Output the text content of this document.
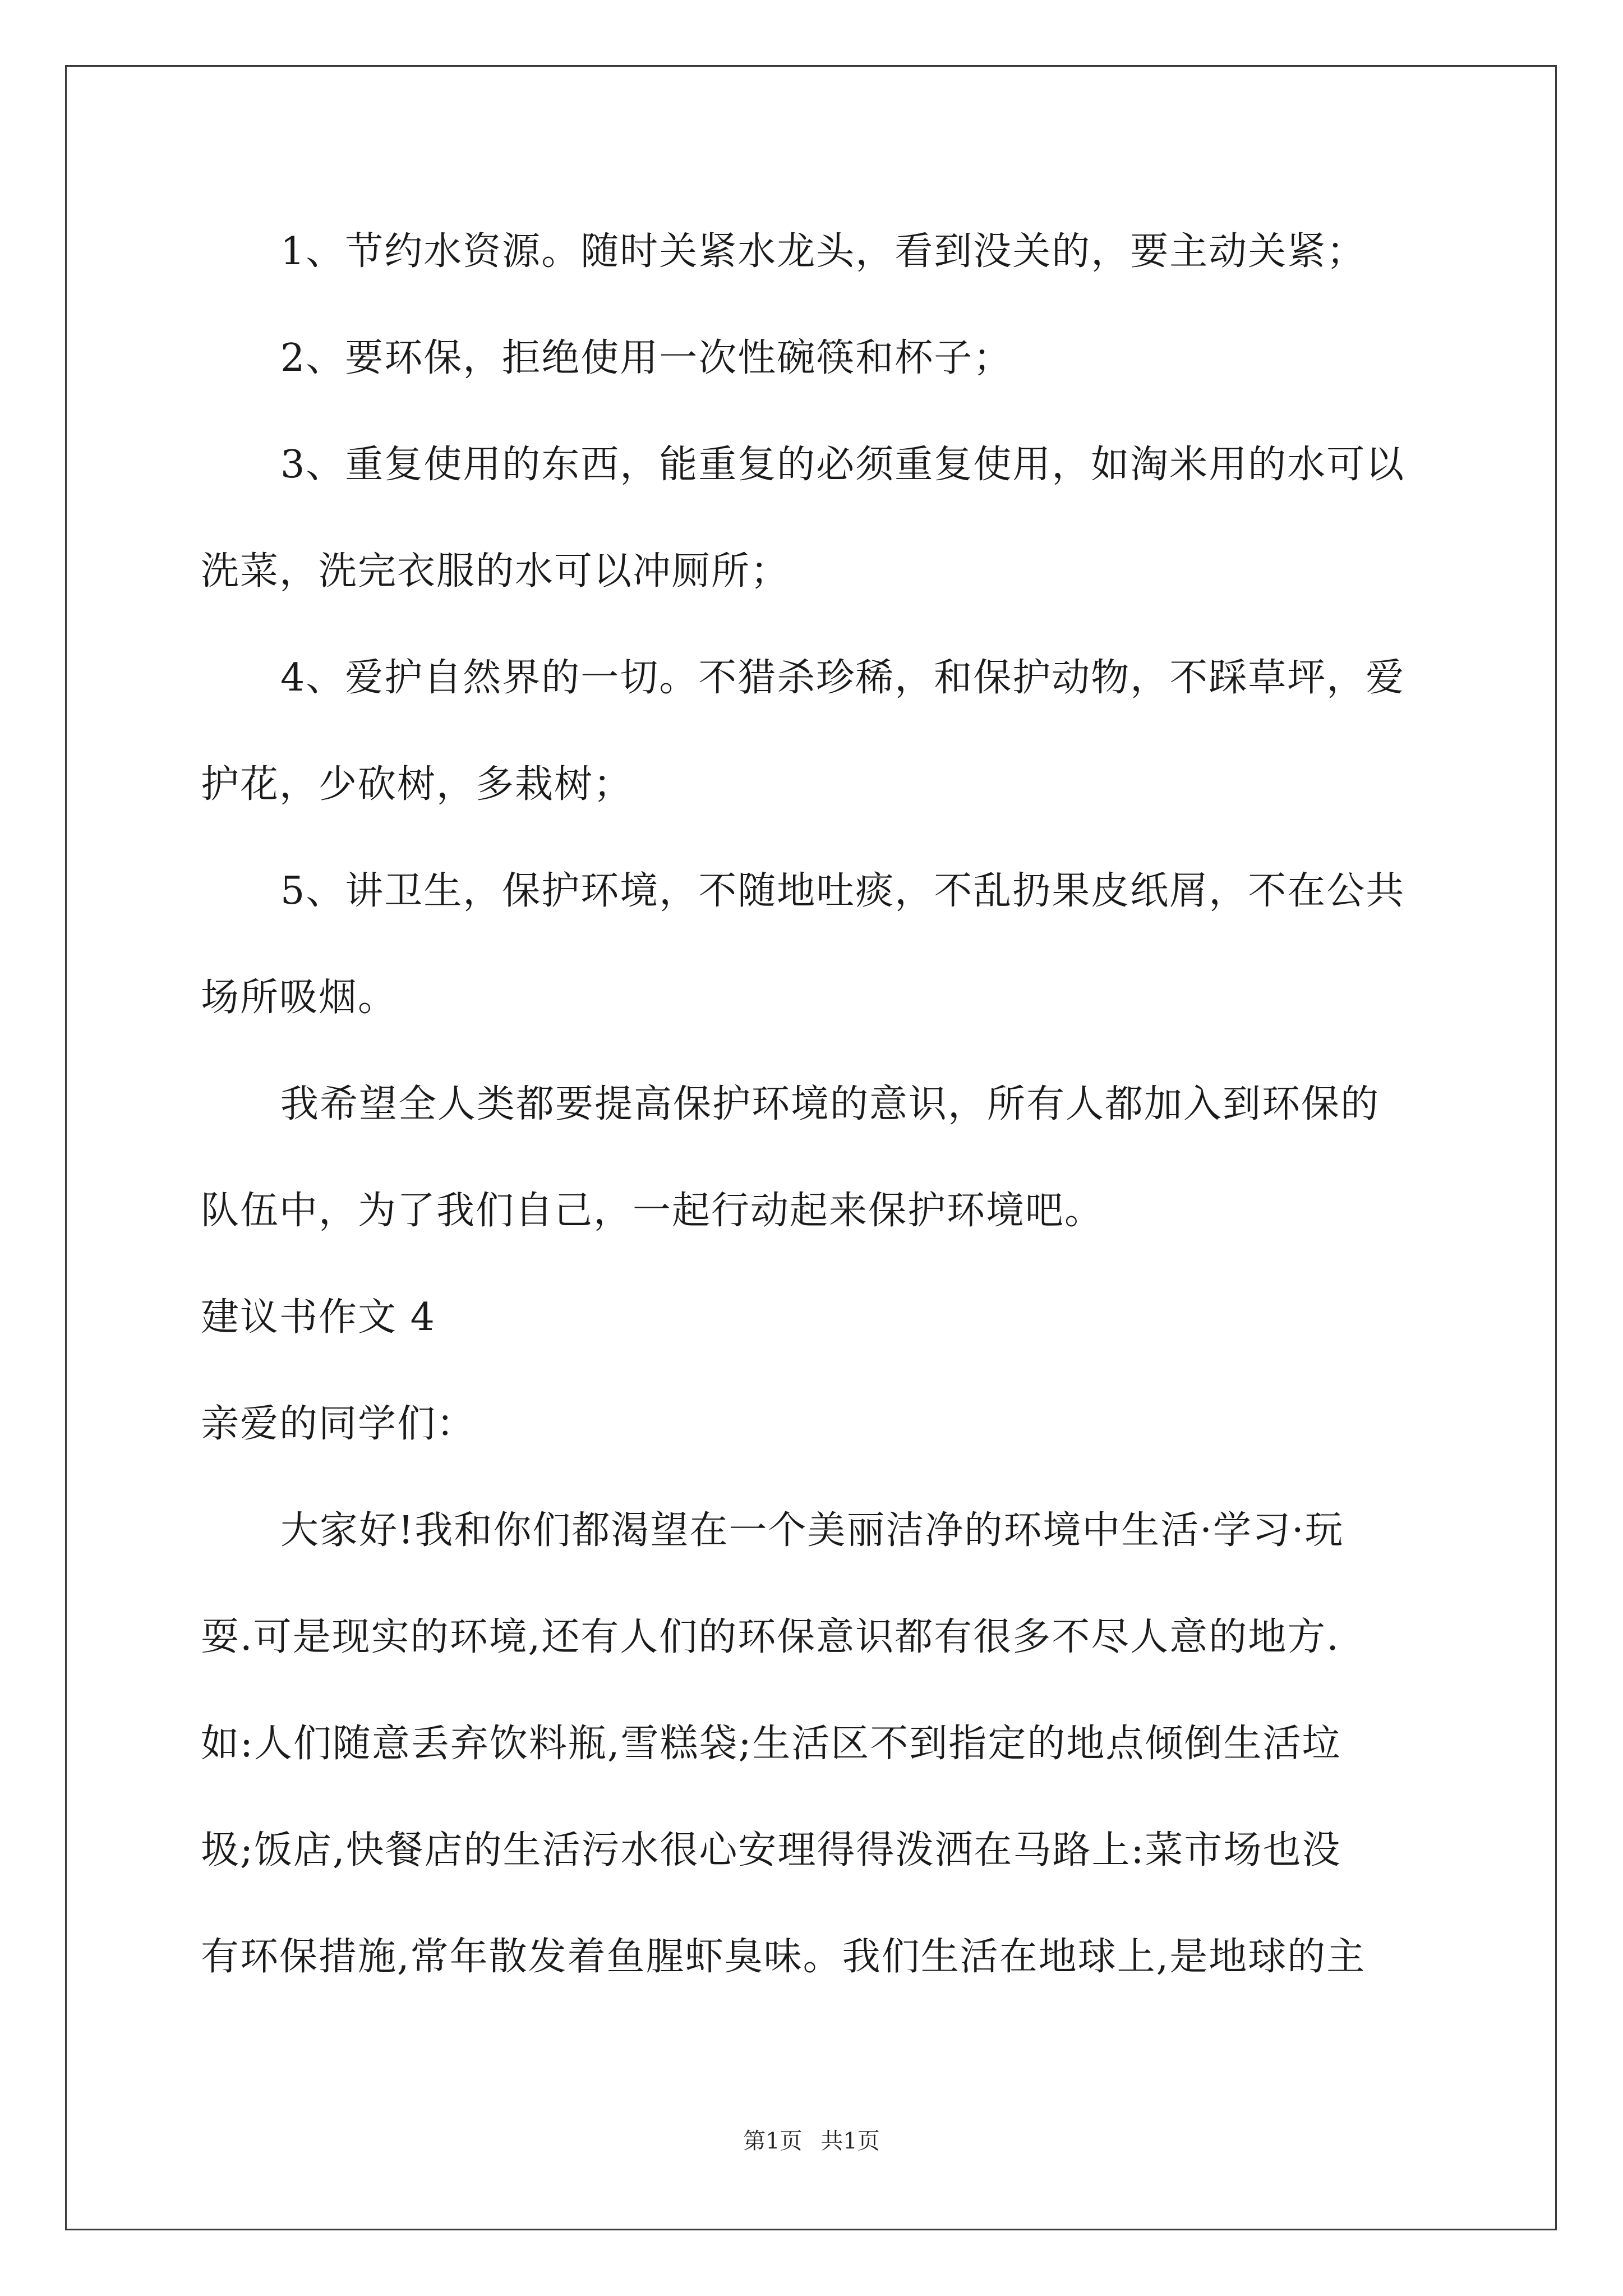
1、节约水资源。随时关紧水龙头，看到没关的，要主动关紧；
2、要环保，拒绝使用一次性碗筷和杯子；
3、重复使用的东西，能重复的必须重复使用，如淘米用的水可以
洗菜，洗完衣服的水可以冲厕所；
4、爱护自然界的一切。不猎杀珍稀，和保护动物，不踩草坪，爱
护花，少砍树，多栽树；
5、讲卫生，保护环境，不随地吐痰，不乱扔果皮纸屑，不在公共
场所吸烟。
我希望全人类都要提高保护环境的意识，所有人都加入到环保的
队伍中，为了我们自己，一起行动起来保护环境吧。
建议书作文 4
亲爱的同学们：
大家好!我和你们都渴望在一个美丽洁净的环境中生活·学习·玩
耍.可是现实的环境,还有人们的环保意识都有很多不尽人意的地方.
如:人们随意丢弃饮料瓶,雪糕袋;生活区不到指定的地点倾倒生活垃
圾;饭店,快餐店的生活污水很心安理得得泼洒在马路上:菜市场也没
有环保措施,常年散发着鱼腥虾臭味。我们生活在地球上,是地球的主
第1页 共1页
